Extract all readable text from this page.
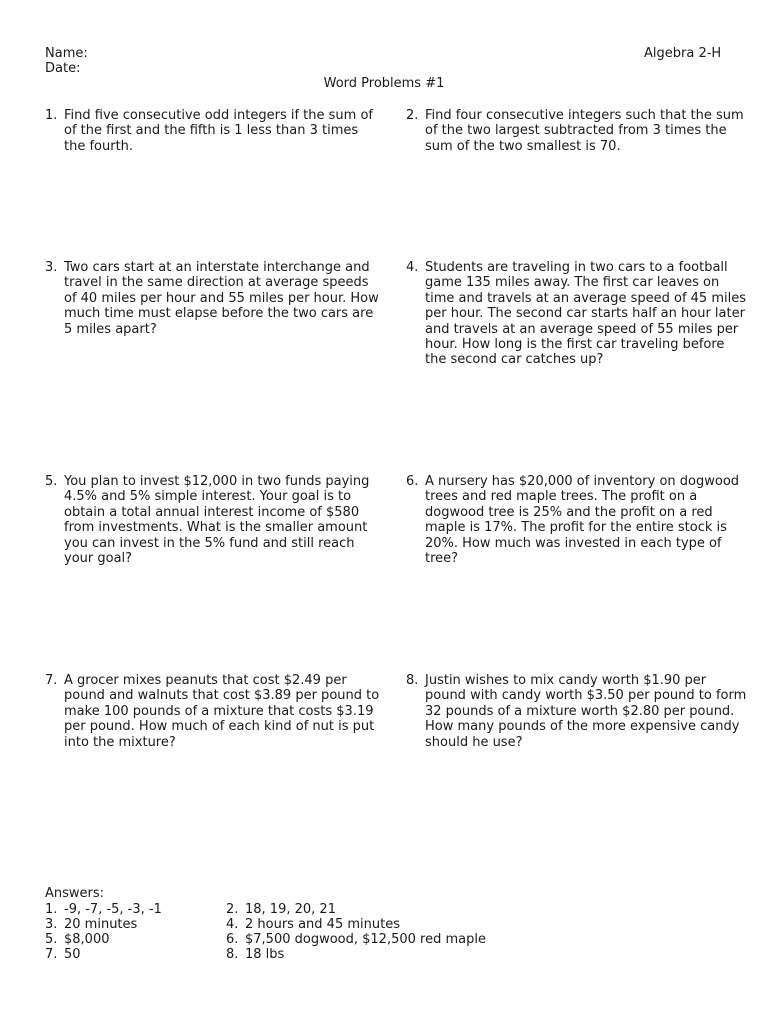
Name:
Date:
Algebra 2-H
Word Problems #1
1. Find five consecutive odd integers if the sum of of the first and the fifth is 1 less than 3 times the fourth.
2. Find four consecutive integers such that the sum of the two largest subtracted from 3 times the sum of the two smallest is 70.
3. Two cars start at an interstate interchange and travel in the same direction at average speeds of 40 miles per hour and 55 miles per hour. How much time must elapse before the two cars are 5 miles apart?
4. Students are traveling in two cars to a football game 135 miles away. The first car leaves on time and travels at an average speed of 45 miles per hour. The second car starts half an hour later and travels at an average speed of 55 miles per hour. How long is the first car traveling before the second car catches up?
5. You plan to invest $12,000 in two funds paying 4.5% and 5% simple interest. Your goal is to obtain a total annual interest income of $580 from investments. What is the smaller amount you can invest in the 5% fund and still reach your goal?
6. A nursery has $20,000 of inventory on dogwood trees and red maple trees. The profit on a dogwood tree is 25% and the profit on a red maple is 17%. The profit for the entire stock is 20%. How much was invested in each type of tree?
7. A grocer mixes peanuts that cost $2.49 per pound and walnuts that cost $3.89 per pound to make 100 pounds of a mixture that costs $3.19 per pound. How much of each kind of nut is put into the mixture?
8. Justin wishes to mix candy worth $1.90 per pound with candy worth $3.50 per pound to form 32 pounds of a mixture worth $2.80 per pound. How many pounds of the more expensive candy should he use?
Answers:
1. -9, -7, -5, -3, -1	2. 18, 19, 20, 21
3. 20 minutes	4. 2 hours and 45 minutes
5. $8,000	6. $7,500 dogwood, $12,500 red maple
7. 50	8. 18 lbs
